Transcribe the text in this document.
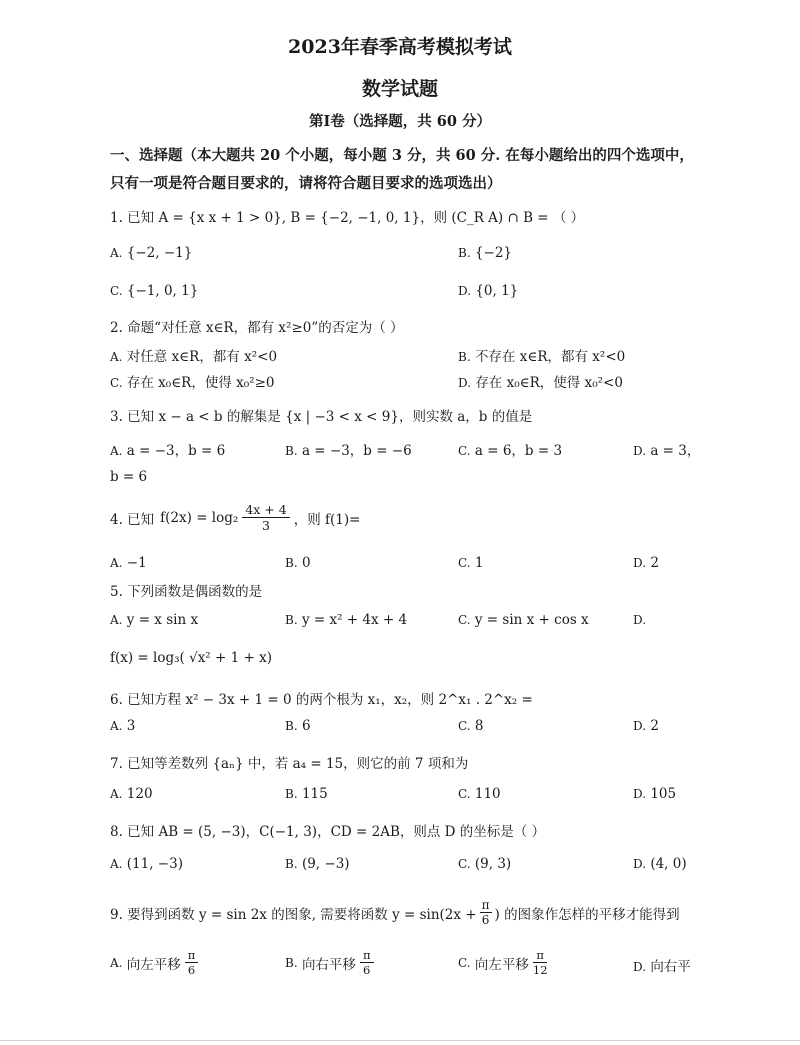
2023年春季高考模拟考试
数学试题
第Ⅰ卷（选择题，共 60 分）
一、选择题（本大题共 20 个小题，每小题 3 分，共 60 分. 在每小题给出的四个选项中，
只有一项是符合题目要求的，请将符合题目要求的选项选出）
1. 已知 A = {x x + 1 > 0}, B = {−2, −1, 0, 1}，则 (C_R A) ∩ B = （ ）
A. {−2, −1}	B. {−2}
C. {−1, 0, 1}	D. {0, 1}
2. 命题“对任意 x∈R，都有 x²≥0”的否定为（ ）
A. 对任意 x∈R，都有 x²<0	B. 不存在 x∈R，都有 x²<0
C. 存在 x₀∈R，使得 x₀²≥0	D. 存在 x₀∈R，使得 x₀²<0
3. 已知 x − a < b 的解集是 {x | −3 < x < 9}，则实数 a，b 的值是
A. a = −3，b = 6	B. a = −3，b = −6	C. a = 6，b = 3	D. a = 3，
b = 6
4. 已知 $f(2x) = \log_2 \frac{4x + 4}{3}$ ，则 f(1)=
A. −1	B. 0	C. 1	D. 2
5. 下列函数是偶函数的是
A. y = x sin x	B. y = x² + 4x + 4	C. y = sin x + cos x	D.
f(x) = log₃( √x² + 1 + x)
6. 已知方程 x² − 3x + 1 = 0 的两个根为 x₁，x₂，则 2^x₁ . 2^x₂ =
A. 3	B. 6	C. 8	D. 2
7. 已知等差数列 {aₙ} 中，若 a₄ = 15，则它的前 7 项和为
A. 120	B. 115	C. 110	D. 105
8. 已知 AB = (5, −3)，C(−1, 3)，CD = 2AB，则点 D 的坐标是（ ）
A. (11, −3)	B. (9, −3)	C. (9, 3)	D. (4, 0)
9. 要得到函数 y = sin 2x 的图象, 需要将函数 $y = \sin(2x + \frac{\pi}{6}$ ) 的图象作怎样的平移才能得到
A.
向左平移 $\frac{\pi}{6}$	B.
向右平移 $\frac{\pi}{6}$	C.
向左平移 $\frac{\pi}{12}$	D. 向右平
